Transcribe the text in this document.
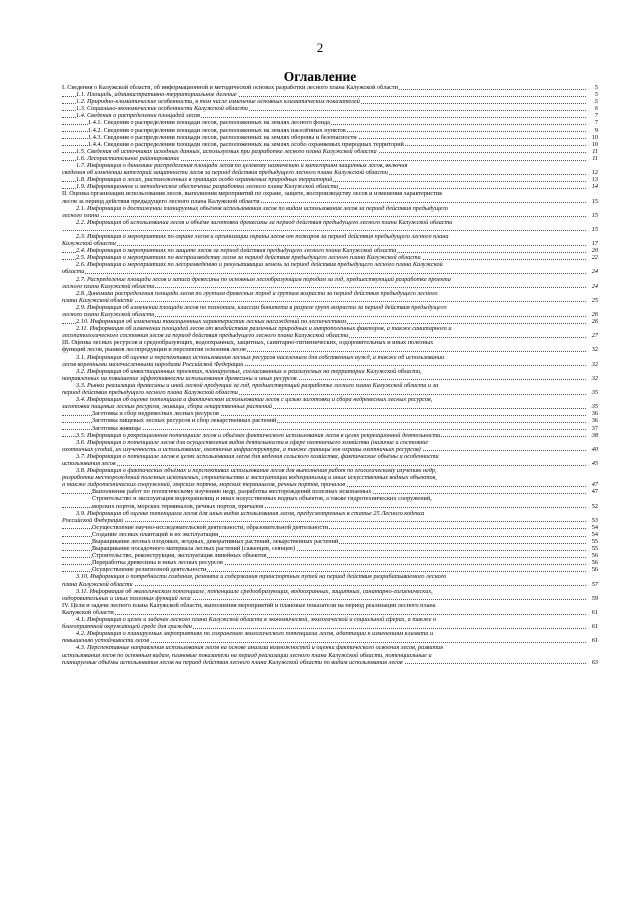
2
Оглавление
I. Сведения о Калужской области, об информационной и методической основах разработки лесного плана Калужской области	5
1.1. Площадь, административно-территориальное деление	5
1.2. Природно-климатические особенности, в том числе изменение основных климатических показателей	5
1.3. Социально-экономические особенности Калужской области	6
1.4. Сведения о распределении площадей лесов	7
1.4.1. Сведения о распределении площади лесов, расположенных на землях лесного фонда	7
1.4.2. Сведения о распределении площади лесов, расположенных на землях населённых пунктов	9
1.4.3. Сведения о распределении площади лесов, расположенных на землях обороны и безопасности	10
1.4.4. Сведения о распределении площади лесов, расположенных на землях особо охраняемых природных территорий	10
1.5. Сведения об источниках исходных данных, используемых при разработке лесного плана Калужской области	11
1.6. Лесорастительное районирование	11
1.7. Информация о динамике распределения площади лесов по целевому назначению и категориям защитных лесов, включая
сведения об изменении категорий защитности лесов за период действия предыдущего лесного плана Калужской области	12
1.8. Информация о лесах, расположенных в границах особо охраняемых природных территорий	13
1.9. Информационное и методическое обеспечение разработки лесного плана Калужской области	14
II. Оценка организации использования лесов, выполнения мероприятий по охране, защите, воспроизводству лесов и изменения характеристик
лесов за период действия предыдущего лесного плана Калужской области	15
2.1. Информация о достижении планируемых объёмов использования лесов по видам использования лесов за период действия предыдущего
лесного плана	15
2.2. Информация об использовании лесов и объёме заготовки древесины за период действия предыдущего лесного плана Калужской области
15
2.3. Информация о мероприятиях по охране лесов и организации охраны лесов от пожаров за период действия предыдущего лесного плана
Калужской области	17
2.4. Информация о мероприятиях по защите лесов за период действия предыдущего лесного плана Калужской области	20
2.5. Информация о мероприятиях по воспроизводству лесов за период действия предыдущего лесного плана Калужской области	22
2.6. Информация о мероприятиях по лесоразведению и рекультивации земель за период действия предыдущего лесного плана Калужской
области	24
2.7. Распределение площади лесов и запаса древесины по основным лесообразующим породам за год, предшествующий разработке проекта
лесного плана Калужской области	24
2.8. Динамика распределения площади лесов по группам древесных пород и группам возраста за период действия предыдущего лесного
плана Калужской области	25
2.9. Информация об изменении площади лесов по полнотам, классам бонитета в разрезе групп возраста за период действия предыдущего
лесного плана Калужской области	26
2.10. Информация об изменении таксационных характеристик лесных насаждений по лесничествам	26
2.11. Информация об изменении площадей лесов от воздействия различных природных и антропогенных факторов, а также санитарного и
лесопатологического состояния лесов за период действия предыдущего лесного плана Калужской области	27
III. Оценка лесных ресурсов и средообразующих, водоохранных, защитных, санитарно-гигиенических, оздоровительных и иных полезных
функций лесов, рынков лесопродукции и перспектив освоения лесов	32
3.1. Информация об оценке и перспективах использования лесных ресурсов населением для собственных нужд, а также об использовании
лесов коренными малочисленными народами Российской Федерации	32
3.2. Информация об инвестиционных проектах, планируемых, согласованных и реализуемых на территории Калужской области,
направленных на повышение эффективности использования древесины и иных ресурсов	32
3.3. Рынки реализации древесины и иной лесной продукции за год, предшествующий разработке лесного плана Калужской области и за
период действия предыдущего лесного плана Калужской области	35
3.4. Информация об оценке потенциала и фактическом использовании лесов с целью заготовки и сбора недревесных лесных ресурсов,
заготовки пищевых лесных ресурсов, живицы, сбора лекарственных растений	35
Заготовка и сбор недревесных лесных ресурсов	36
Заготовка пищевых лесных ресурсов и сбор лекарственных растений	36
Заготовка живицы	37
3.5. Информация о рекреационном потенциале лесов и объёмах фактического использования лесов в целях рекреационной деятельности	38
3.6. Информация о потенциале лесов для осуществления видов деятельности в сфере охотничьего хозяйства (наличие и состояние
охотничьих угодий, их изученность и использование, охотничья инфраструктура, а также границы зон охраны охотничьих ресурсов)	40
3.7. Информация о потенциале лесов в целях использования лесов для ведения сельского хозяйства, фактические объёмы и особенности
использования лесов	45
3.8. Информация о фактических объёмах и перспективах использования лесов для выполнения работ по геологическому изучению недр,
разработки месторождений полезных ископаемых, строительства и эксплуатации водохранилищ и иных искусственных водных объектов,
а также гидротехнических сооружений, морских портов, морских терминалов, речных портов, причалов	47
Выполнение работ по геологическому изучению недр, разработка месторождений полезных ископаемых	47
Строительство и эксплуатация водохранилищ и иных искусственных водных объектов, а также гидротехнических сооружений,
морских портов, морских терминалов, речных портов, причалов	52
3.9. Информация об оценке потенциала лесов для иных видов использования лесов, предусмотренных в статье 25 Лесного кодекса
Российской Федерации	53
Осуществление научно-исследовательской деятельности, образовательной деятельности	54
Создание лесных плантаций и их эксплуатация	54
Выращивание лесных плодовых, ягодных, декоративных растений, лекарственных растений	55
Выращивание посадочного материала лесных растений (саженцев, сеянцев)	55
Строительство, реконструкция, эксплуатация линейных объектов	56
Переработка древесины и иных лесных ресурсов	56
Осуществление религиозной деятельности	56
3.10. Информация о потребности создания, ремонта и содержания транспортных путей на период действия разрабатываемого лесного
плана Калужской области	57
3.11. Информация об экологическом потенциале, потенциале средообразующих, водоохранных, защитных, санитарно-гигиенических,
оздоровительных и иных полезных функций леса	59
IV. Цели и задачи лесного плана Калужской области, выполнения мероприятий и плановые показатели на период реализации лесного плана
Калужской области	61
4.1. Информация о целях и задачах лесного плана Калужской области в экономической, экологической и социальной сферах, а также о
благоприятной окружающей среде для граждан	61
4.2. Информация о планируемых мероприятиях по сохранению экологического потенциала лесов, адаптации к изменениям климата и
повышению устойчивости лесов	61
4.3. Перспективные направления использования лесов на основе анализа возможностей и оценки фактического освоения лесов, развития
использования лесов по основным видам, плановые показатели на период реализации лесного плана Калужской области, потенциальные и
планируемые объёмы использования лесов на период действия лесного плана Калужской области по видам использования лесов	63
